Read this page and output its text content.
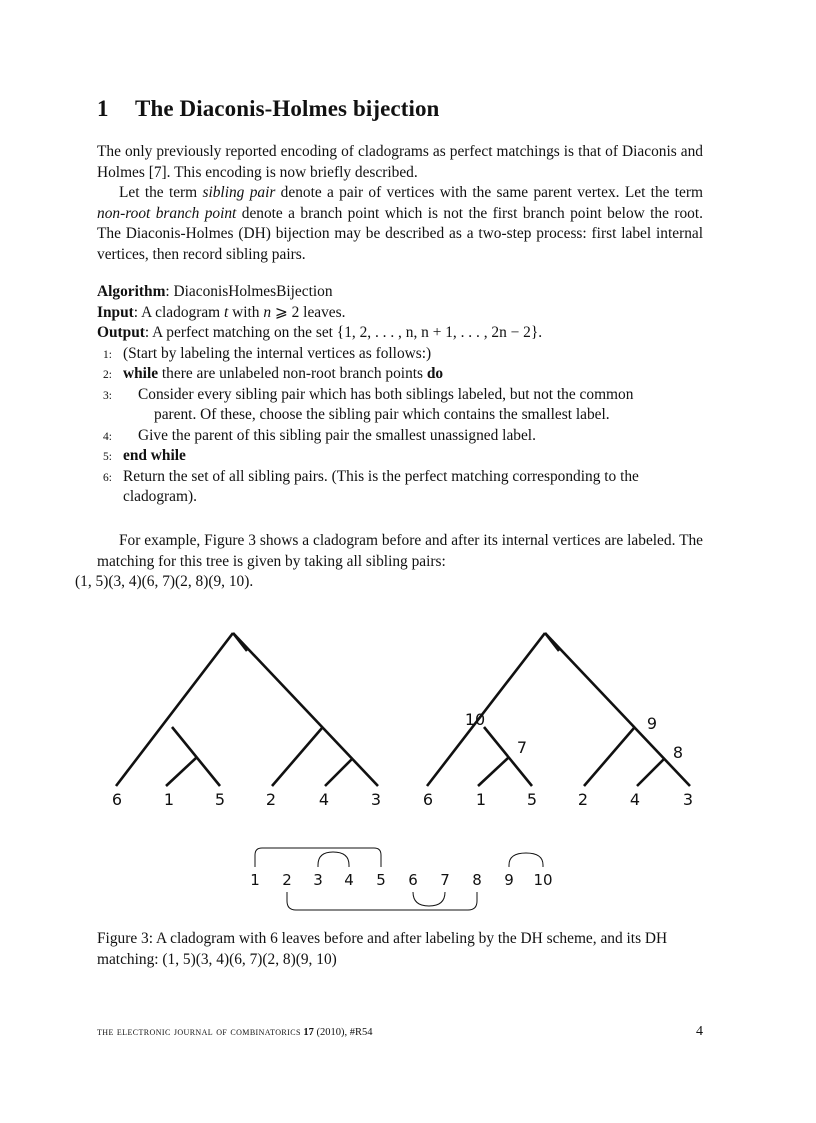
1 The Diaconis-Holmes bijection

The only previously reported encoding of cladograms as perfect matchings is that of Diaconis and Holmes [7]. This encoding is now briefly described.

Let the term sibling pair denote a pair of vertices with the same parent vertex. Let the term non-root branch point denote a branch point which is not the first branch point below the root. The Diaconis-Holmes (DH) bijection may be described as a two-step process: first label internal vertices, then record sibling pairs.

Algorithm: DiaconisHolmesBijection

Input: A cladogram t with n ⩾ 2 leaves.

Output: A perfect matching on the set {1, 2, . . . , n, n + 1, . . . , 2n − 2}.

1: (Start by labeling the internal vertices as follows:)

2: while there are unlabeled non-root branch points do

3: Consider every sibling pair which has both siblings labeled, but not the common
parent. Of these, choose the sibling pair which contains the smallest label.

4: Give the parent of this sibling pair the smallest unassigned label.

5: end while

6: Return the set of all sibling pairs. (This is the perfect matching corresponding to the
cladogram).

For example, Figure 3 shows a cladogram before and after its internal vertices are labeled. The matching for this tree is given by taking all sibling pairs:
(1, 5)(3, 4)(6, 7)(2, 8)(9, 10).

6	1	5	2	4	3	6	1	5	2	4	3
10
7
9
8
1 2 3 4 5 6 7 8 9 10

Figure 3: A cladogram with 6 leaves before and after labeling by the DH scheme, and its DH matching: (1, 5)(3, 4)(6, 7)(2, 8)(9, 10)

the electronic journal of combinatorics 17 (2010), #R54	4
